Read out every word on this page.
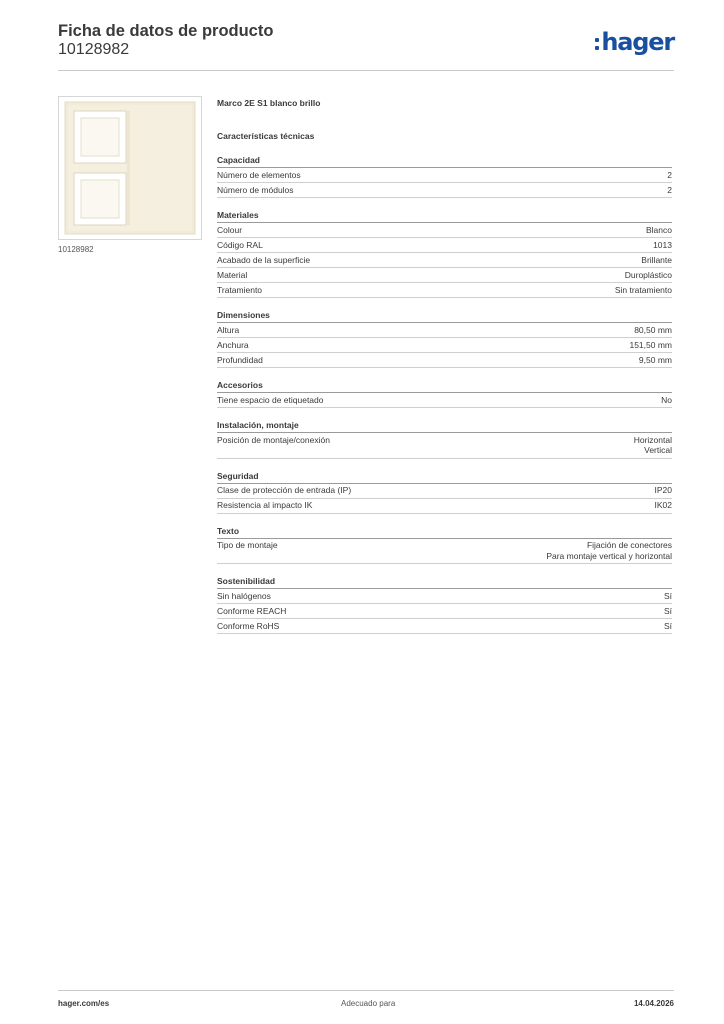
Ficha de datos de producto
10128982	hager
10128982
Marco 2E S1 blanco brillo
Características técnicas
Capacidad
Número de elementos	2
Número de módulos	2
Materiales
Colour	Blanco
Código RAL	1013
Acabado de la superficie	Brillante
Material	Duroplástico
Tratamiento	Sin tratamiento
Dimensiones
Altura	80,50 mm
Anchura	151,50 mm
Profundidad	9,50 mm
Accesorios
Tiene espacio de etiquetado	No
Instalación, montaje
Posición de montaje/conexión	Horizontal
Vertical
Seguridad
Clase de protección de entrada (IP)	IP20
Resistencia al impacto IK	IK02
Texto
Tipo de montaje	Fijación de conectores
Para montaje vertical y horizontal
Sostenibilidad
Sin halógenos	Sí
Conforme REACH	Sí
Conforme RoHS	Sí
hager.com/es	Adecuado para	14.04.2026
